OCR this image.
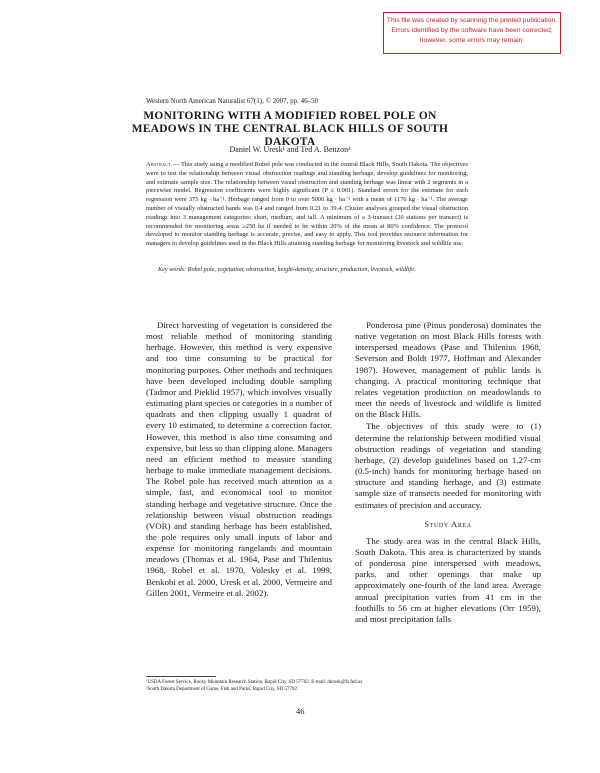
This file was created by scanning the printed publication. Errors identified by the software have been corrected; however, some errors may remain.
Western North American Naturalist 67(1), © 2007, pp. 46–50
MONITORING WITH A MODIFIED ROBEL POLE ON MEADOWS IN THE CENTRAL BLACK HILLS OF SOUTH DAKOTA
Daniel W. Uresk¹ and Ted A. Benzon²
Abstract.— This study using a modified Robel pole was conducted in the central Black Hills, South Dakota. The objectives were to test the relationship between visual obstruction readings and standing herbage, develop guidelines for monitoring, and estimate sample size. The relationship between visual obstruction and standing herbage was linear with 2 segments in a piecewise model. Regression coefficients were highly significant (P ≤ 0.001). Standard errors for the estimate for each regression were 375 kg · ha⁻¹. Herbage ranged from 0 to over 5000 kg · ha⁻¹ with a mean of 1176 kg · ha⁻¹. The average number of visually obstructed bands was 0.4 and ranged from 0.21 to 39.4. Cluster analyses grouped the visual obstruction readings into 3 management categories: short, medium, and tall. A minimum of a 3-transect (20 stations per transect) is recommended for monitoring areas ≥250 ha if needed to be within 20% of the mean at 80% confidence. The protocol developed to monitor standing herbage is accurate, precise, and easy to apply. This tool provides resource information for managers to develop guidelines used in the Black Hills attaining standing herbage for monitoring livestock and wildlife use.
Key words: Robel pole, vegetation, obstruction, height-density, structure, production, livestock, wildlife.

Direct harvesting of vegetation is considered the most reliable method of monitoring standing herbage. However, this method is very expensive and too time consuming to be practical for monitoring purposes. Other methods and techniques have been developed including double sampling (Tadmor and Pieklid 1957), which involves visually estimating plant species or categories in a number of quadrats and then clipping usually 1 quadrat of every 10 estimated, to determine a correction factor. However, this method is also time consuming and expensive, but less so than clipping alone. Managers need an efficient method to measure standing herbage to make immediate management decisions. The Robel pole has received much attention as a simple, fast, and economical tool to monitor standing herbage and vegetative structure. Once the relationship between visual obstruction readings (VOR) and standing herbage has been established, the pole requires only small inputs of labor and expense for monitoring rangelands and mountain meadows (Thomas et al. 1964, Pase and Thilenius 1968, Robel et al. 1970, Volesky et al. 1999, Benkobi et al. 2000, Uresk et al. 2000, Vermeire and Gillen 2001, Vermeire et al. 2002).

Ponderosa pine (Pinus ponderosa) dominates the native vegetation on most Black Hills forests with interspersed meadows (Pase and Thilenius 1968, Severson and Boldt 1977, Hoffman and Alexander 1987). However, management of public lands is changing. A practical monitoring technique that relates vegetation production on meadowlands to meet the needs of livestock and wildlife is limited on the Black Hills.

The objectives of this study were to (1) determine the relationship between modified visual obstruction readings of vegetation and standing herbage, (2) develop guidelines based on 1.27-cm (0.5-inch) bands for monitoring herbage based on structure and standing herbage, and (3) estimate sample size of transects needed for monitoring with estimates of precision and accuracy.

Study Area

The study area was in the central Black Hills, South Dakota. This area is characterized by stands of ponderosa pine interspersed with meadows, parks, and other openings that make up approximately one-fourth of the land area. Average annual precipitation varies from 41 cm in the foothills to 56 cm at higher elevations (Orr 1959), and most precipitation falls

¹USDA Forest Service, Rocky Mountain Research Station, Rapid City, SD 57702. E-mail: duresk@fs.fed.us
²South Dakota Department of Game, Fish and Parks, Rapid City, SD 57702.
46
